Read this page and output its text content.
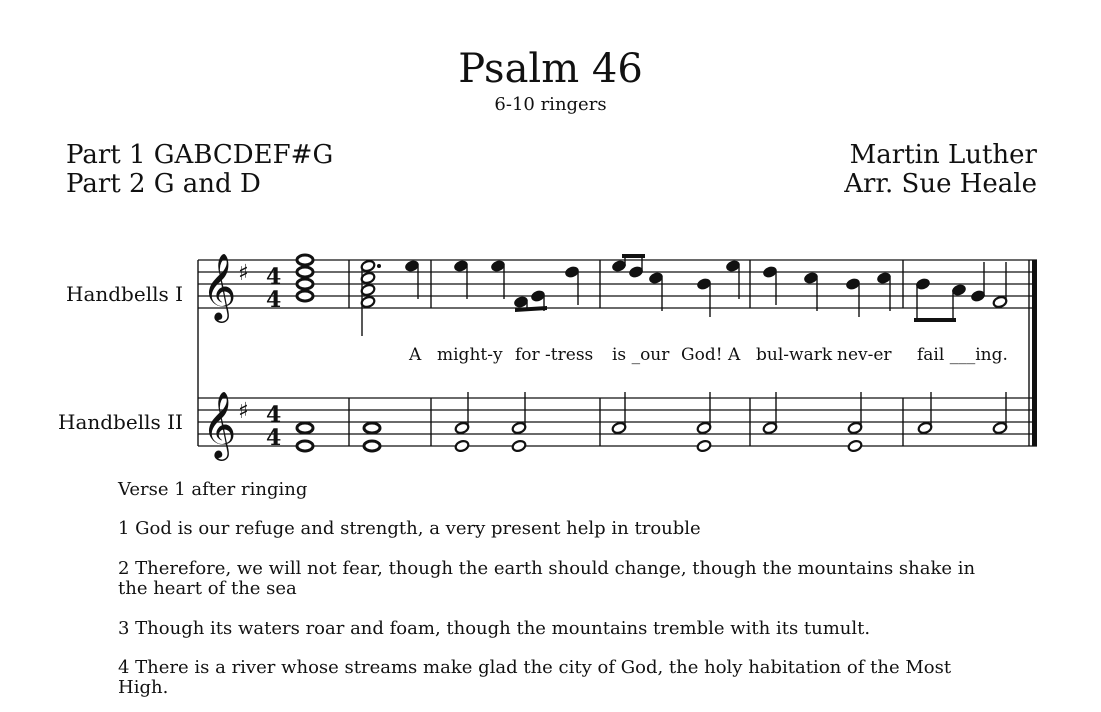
Psalm 46
6-10 ringers
Part 1 GABCDEF#G
Part 2 G and D
Martin Luther
Arr. Sue Heale
𝄞 ♯ 4
4
𝄞 ♯ 4
4
Handbells I
Handbells II
A might-y for -tress is _our God! A bul-wark nev-er fail ___ing.
Verse 1 after ringing
1 God is our refuge and strength, a very present help in trouble
2 Therefore, we will not fear, though the earth should change, though the mountains shake in the heart of the sea
3 Though its waters roar and foam, though the mountains tremble with its tumult.
4 There is a river whose streams make glad the city of God, the holy habitation of the Most High.
